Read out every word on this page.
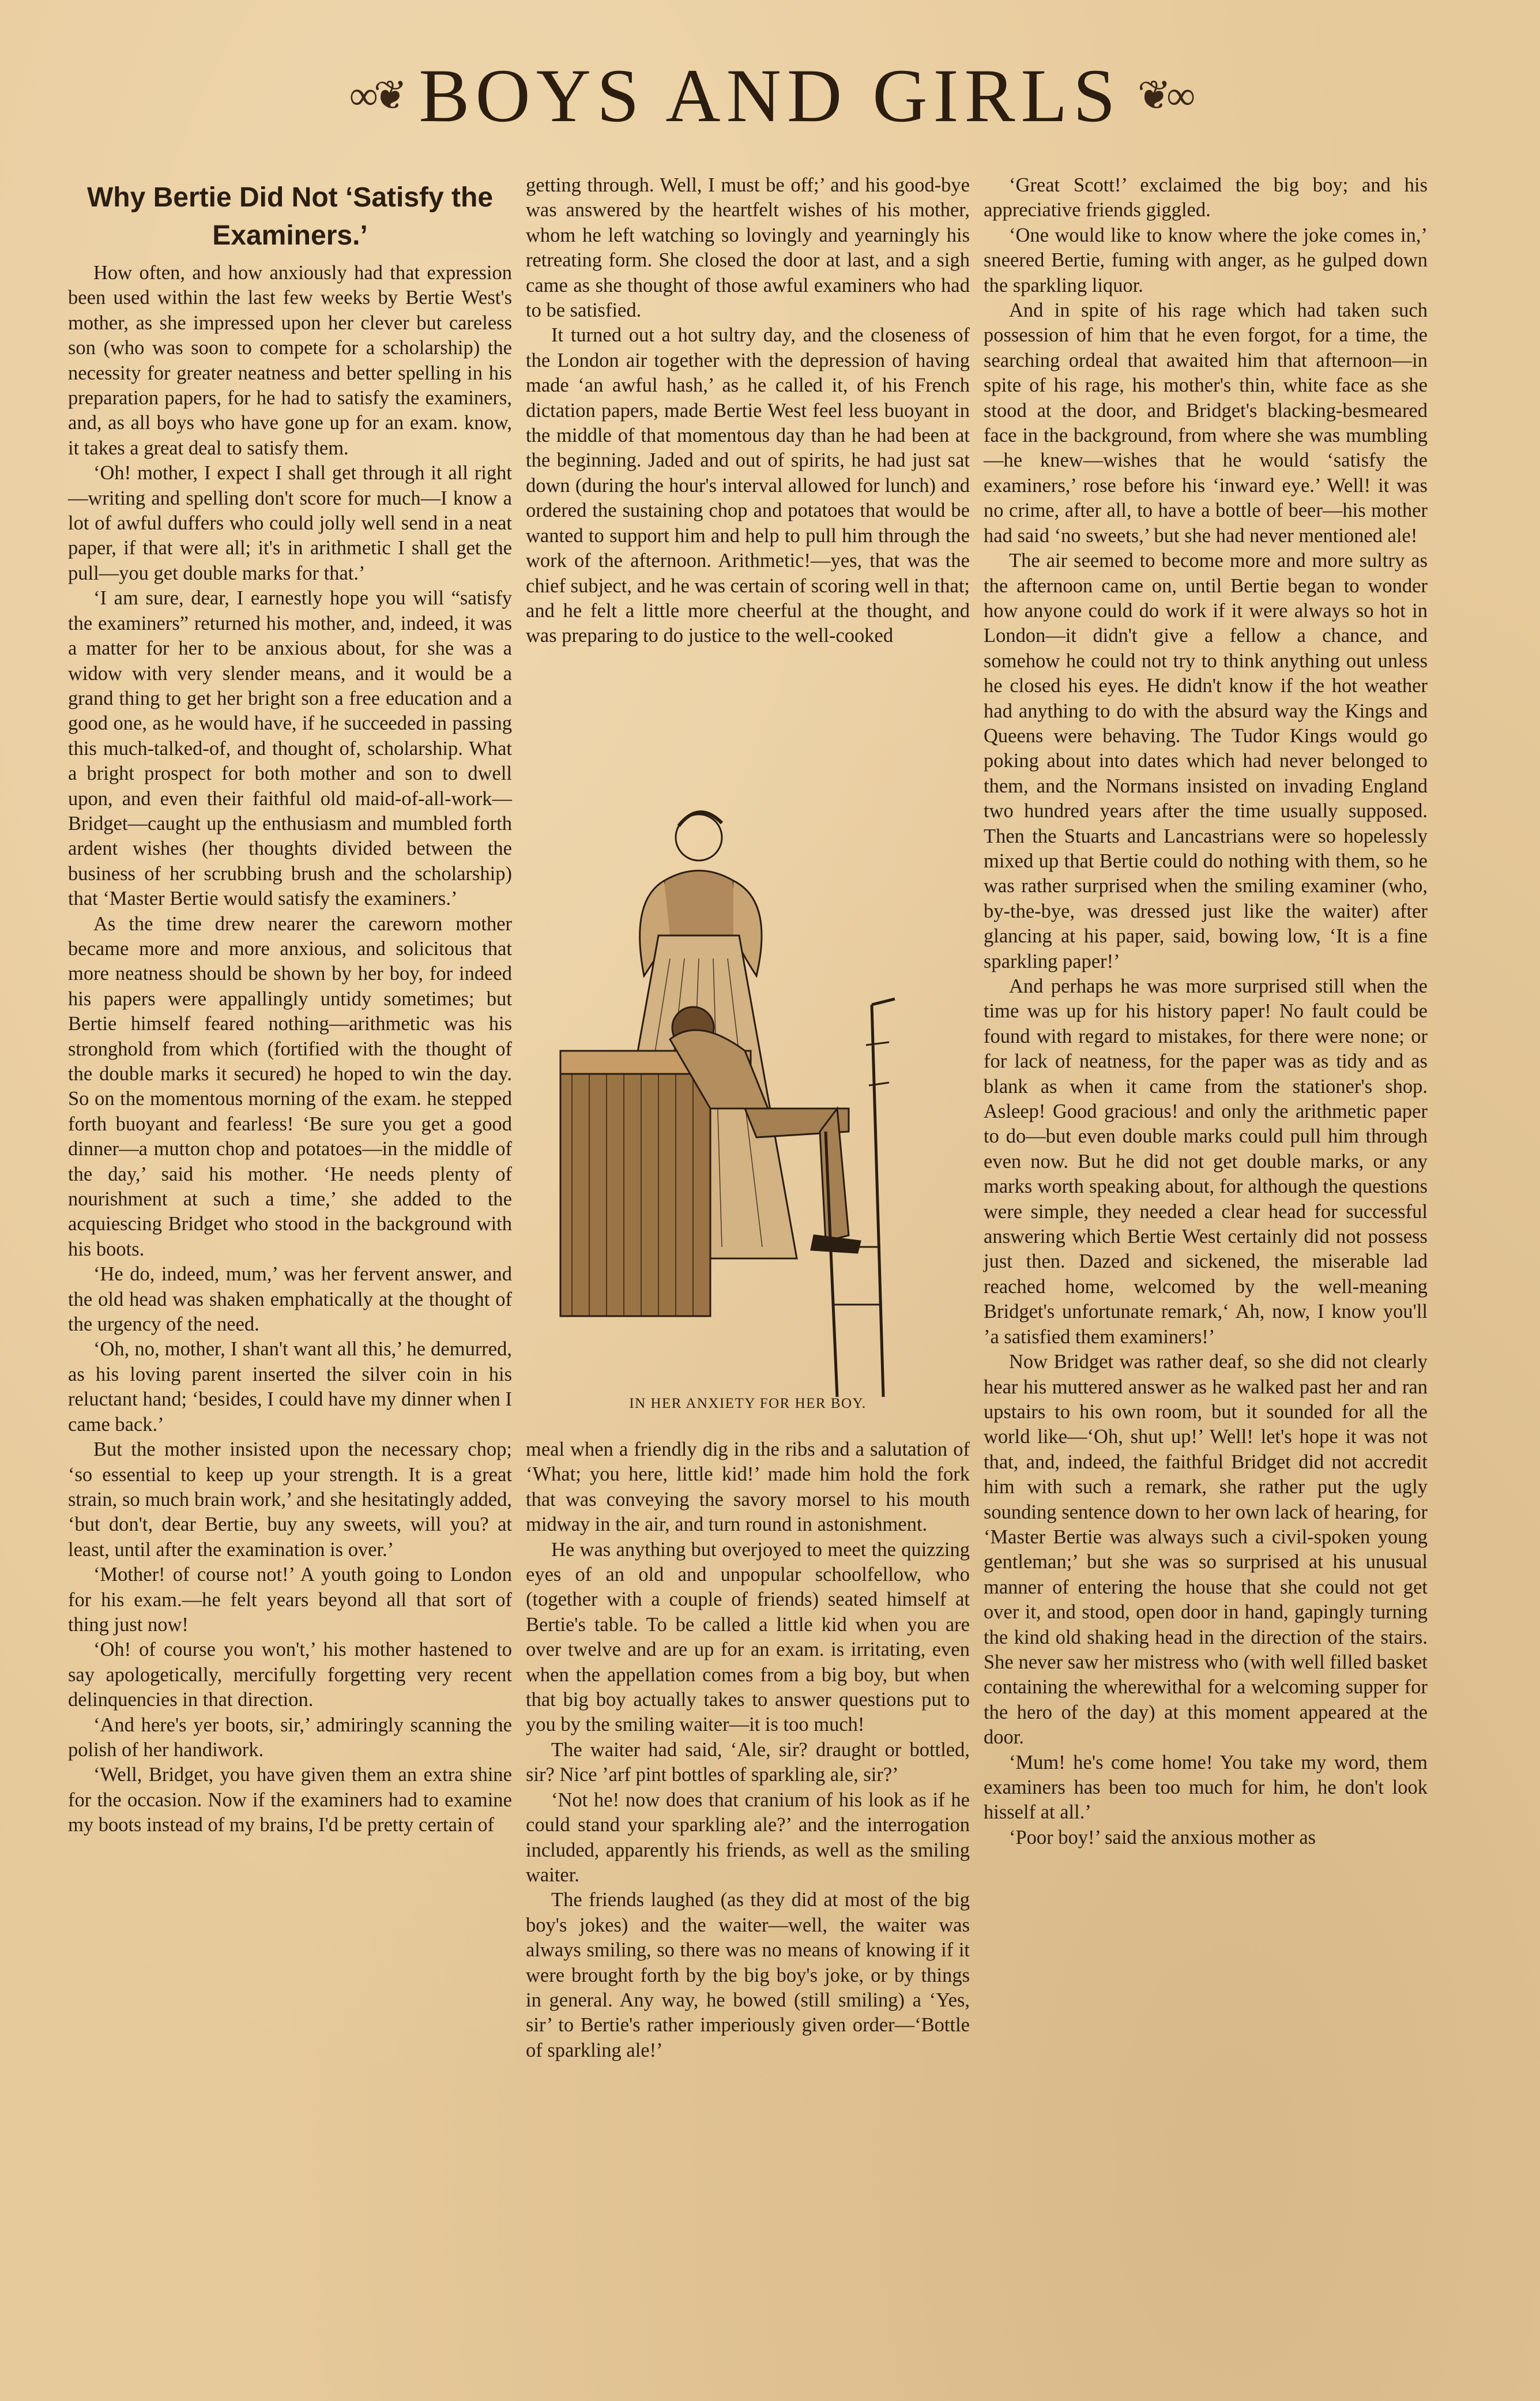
∞❦ BOYS AND GIRLS ❦∞
Why Bertie Did Not ‘Satisfy the Examiners.’

How often, and how anxiously had that expression been used within the last few weeks by Bertie West's mother, as she impressed upon her clever but careless son (who was soon to compete for a scholarship) the necessity for greater neatness and better spelling in his preparation papers, for he had to satisfy the examiners, and, as all boys who have gone up for an exam. know, it takes a great deal to satisfy them.

‘Oh! mother, I expect I shall get through it all right—writing and spelling don't score for much—I know a lot of awful duffers who could jolly well send in a neat paper, if that were all; it's in arithmetic I shall get the pull—you get double marks for that.’

‘I am sure, dear, I earnestly hope you will “satisfy the examiners” returned his mother, and, indeed, it was a matter for her to be anxious about, for she was a widow with very slender means, and it would be a grand thing to get her bright son a free education and a good one, as he would have, if he succeeded in passing this much-talked-of, and thought of, scholarship. What a bright prospect for both mother and son to dwell upon, and even their faithful old maid-of-all-work—Bridget—caught up the enthusiasm and mumbled forth ardent wishes (her thoughts divided between the business of her scrubbing brush and the scholarship) that ‘Master Bertie would satisfy the examiners.’

As the time drew nearer the careworn mother became more and more anxious, and solicitous that more neatness should be shown by her boy, for indeed his papers were appallingly untidy sometimes; but Bertie himself feared nothing—arithmetic was his stronghold from which (fortified with the thought of the double marks it secured) he hoped to win the day. So on the momentous morning of the exam. he stepped forth buoyant and fearless! ‘Be sure you get a good dinner—a mutton chop and potatoes—in the middle of the day,’ said his mother. ‘He needs plenty of nourishment at such a time,’ she added to the acquiescing Bridget who stood in the background with his boots.

‘He do, indeed, mum,’ was her fervent answer, and the old head was shaken emphatically at the thought of the urgency of the need.

‘Oh, no, mother, I shan't want all this,’ he demurred, as his loving parent inserted the silver coin in his reluctant hand; ‘besides, I could have my dinner when I came back.’

But the mother insisted upon the necessary chop; ‘so essential to keep up your strength. It is a great strain, so much brain work,’ and she hesitatingly added, ‘but don't, dear Bertie, buy any sweets, will you? at least, until after the examination is over.’

‘Mother! of course not!’ A youth going to London for his exam.—he felt years beyond all that sort of thing just now!

‘Oh! of course you won't,’ his mother hastened to say apologetically, mercifully forgetting very recent delinquencies in that direction.

‘And here's yer boots, sir,’ admiringly scanning the polish of her handiwork.

‘Well, Bridget, you have given them an extra shine for the occasion. Now if the examiners had to examine my boots instead of my brains, I'd be pretty certain of

getting through. Well, I must be off;’ and his good-bye was answered by the heartfelt wishes of his mother, whom he left watching so lovingly and yearningly his retreating form. She closed the door at last, and a sigh came as she thought of those awful examiners who had to be satisfied.

It turned out a hot sultry day, and the closeness of the London air together with the depression of having made ‘an awful hash,’ as he called it, of his French dictation papers, made Bertie West feel less buoyant in the middle of that momentous day than he had been at the beginning. Jaded and out of spirits, he had just sat down (during the hour's interval allowed for lunch) and ordered the sustaining chop and potatoes that would be wanted to support him and help to pull him through the work of the afternoon. Arithmetic!—yes, that was the chief subject, and he was certain of scoring well in that; and he felt a little more cheerful at the thought, and was preparing to do justice to the well-cooked

IN HER ANXIETY FOR HER BOY.

meal when a friendly dig in the ribs and a salutation of ‘What; you here, little kid!’ made him hold the fork that was conveying the savory morsel to his mouth midway in the air, and turn round in astonishment.

He was anything but overjoyed to meet the quizzing eyes of an old and unpopular schoolfellow, who (together with a couple of friends) seated himself at Bertie's table. To be called a little kid when you are over twelve and are up for an exam. is irritating, even when the appellation comes from a big boy, but when that big boy actually takes to answer questions put to you by the smiling waiter—it is too much!

The waiter had said, ‘Ale, sir? draught or bottled, sir? Nice ’arf pint bottles of sparkling ale, sir?’

‘Not he! now does that cranium of his look as if he could stand your sparkling ale?’ and the interrogation included, apparently his friends, as well as the smiling waiter.

The friends laughed (as they did at most of the big boy's jokes) and the waiter—well, the waiter was always smiling, so there was no means of knowing if it were brought forth by the big boy's joke, or by things in general. Any way, he bowed (still smiling) a ‘Yes, sir’ to Bertie's rather imperiously given order—‘Bottle of sparkling ale!’

‘Great Scott!’ exclaimed the big boy; and his appreciative friends giggled.

‘One would like to know where the joke comes in,’ sneered Bertie, fuming with anger, as he gulped down the sparkling liquor.

And in spite of his rage which had taken such possession of him that he even forgot, for a time, the searching ordeal that awaited him that afternoon—in spite of his rage, his mother's thin, white face as she stood at the door, and Bridget's blacking-besmeared face in the background, from where she was mumbling—he knew—wishes that he would ‘satisfy the examiners,’ rose before his ‘inward eye.’ Well! it was no crime, after all, to have a bottle of beer—his mother had said ‘no sweets,’ but she had never mentioned ale!

The air seemed to become more and more sultry as the afternoon came on, until Bertie began to wonder how anyone could do work if it were always so hot in London—it didn't give a fellow a chance, and somehow he could not try to think anything out unless he closed his eyes. He didn't know if the hot weather had anything to do with the absurd way the Kings and Queens were behaving. The Tudor Kings would go poking about into dates which had never belonged to them, and the Normans insisted on invading England two hundred years after the time usually supposed. Then the Stuarts and Lancastrians were so hopelessly mixed up that Bertie could do nothing with them, so he was rather surprised when the smiling examiner (who, by-the-bye, was dressed just like the waiter) after glancing at his paper, said, bowing low, ‘It is a fine sparkling paper!’

And perhaps he was more surprised still when the time was up for his history paper! No fault could be found with regard to mistakes, for there were none; or for lack of neatness, for the paper was as tidy and as blank as when it came from the stationer's shop. Asleep! Good gracious! and only the arithmetic paper to do—but even double marks could pull him through even now. But he did not get double marks, or any marks worth speaking about, for although the questions were simple, they needed a clear head for successful answering which Bertie West certainly did not possess just then. Dazed and sickened, the miserable lad reached home, welcomed by the well-meaning Bridget's unfortunate remark,‘ Ah, now, I know you'll ’a satisfied them examiners!’

Now Bridget was rather deaf, so she did not clearly hear his muttered answer as he walked past her and ran upstairs to his own room, but it sounded for all the world like—‘Oh, shut up!’ Well! let's hope it was not that, and, indeed, the faithful Bridget did not accredit him with such a remark, she rather put the ugly sounding sentence down to her own lack of hearing, for ‘Master Bertie was always such a civil-spoken young gentleman;’ but she was so surprised at his unusual manner of entering the house that she could not get over it, and stood, open door in hand, gapingly turning the kind old shaking head in the direction of the stairs. She never saw her mistress who (with well filled basket containing the wherewithal for a welcoming supper for the hero of the day) at this moment appeared at the door.

‘Mum! he's come home! You take my word, them examiners has been too much for him, he don't look hisself at all.’

‘Poor boy!’ said the anxious mother as
